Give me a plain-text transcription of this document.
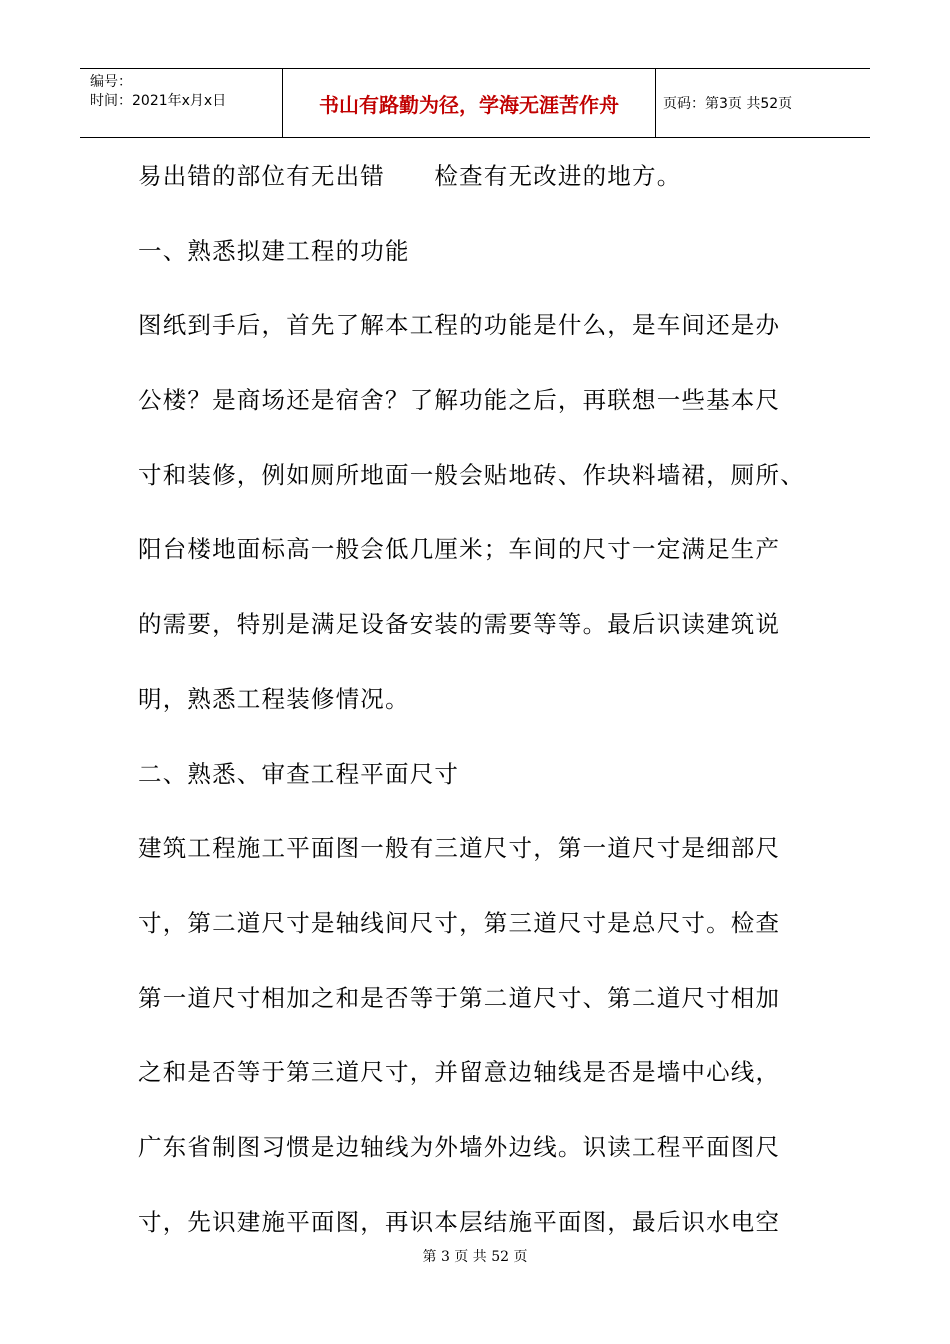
编号：
时间：2021年x月x日	书山有路勤为径，学海无涯苦作舟	页码：第3页 共52页
易出错的部位有无出错　　检查有无改进的地方。
一、熟悉拟建工程的功能
图纸到手后，首先了解本工程的功能是什么，是车间还是办
公楼？是商场还是宿舍？了解功能之后，再联想一些基本尺
寸和装修，例如厕所地面一般会贴地砖、作块料墙裙，厕所、
阳台楼地面标高一般会低几厘米；车间的尺寸一定满足生产
的需要，特别是满足设备安装的需要等等。最后识读建筑说
明，熟悉工程装修情况。
二、熟悉、审查工程平面尺寸
建筑工程施工平面图一般有三道尺寸，第一道尺寸是细部尺
寸，第二道尺寸是轴线间尺寸，第三道尺寸是总尺寸。检查
第一道尺寸相加之和是否等于第二道尺寸、第二道尺寸相加
之和是否等于第三道尺寸，并留意边轴线是否是墙中心线，
广东省制图习惯是边轴线为外墙外边线。识读工程平面图尺
寸，先识建施平面图，再识本层结施平面图，最后识水电空
第 3 页 共 52 页
